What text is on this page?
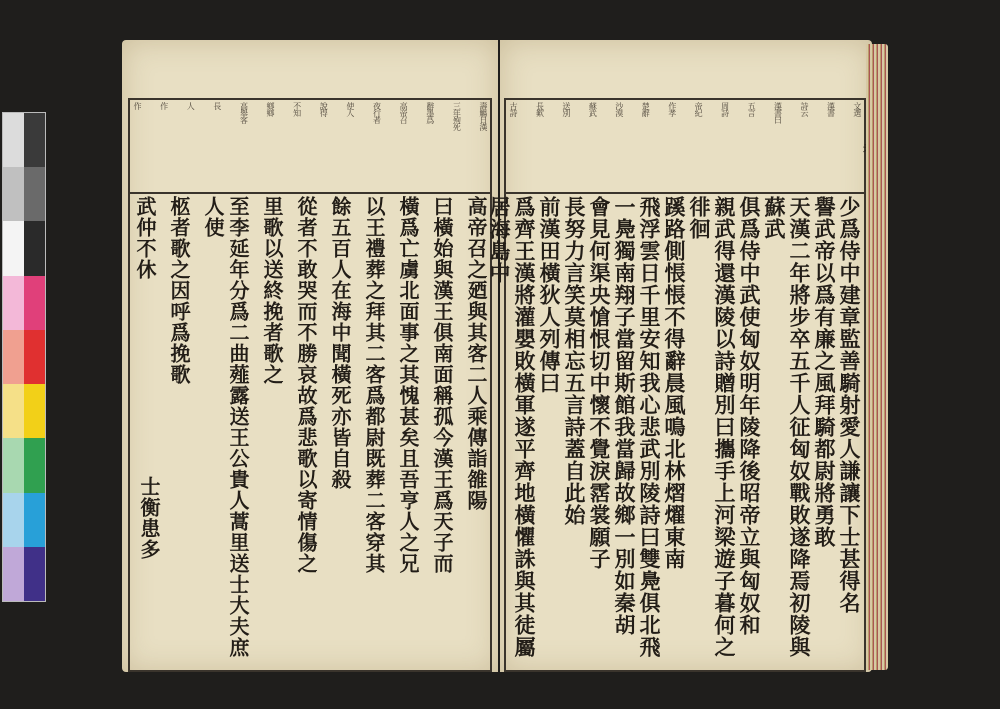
壽觴日漢
三年殉死
辭墨爲
高帝召
夜行者
使人
說得
不知
鄉鄉
高舉客
長
人
作
作
高帝召之廼與其客二人乘傳詣雒陽
曰橫始與漢王俱南面稱孤今漢王爲天子而
橫爲亡虜北面事之其愧甚矣且吾亨人之兄
以王禮葬之拜其二客爲都尉既葬二客穿其
餘五百人在海中聞橫死亦皆自殺
從者不敢哭而不勝哀故爲悲歌以寄情傷之
里歌以送終挽者歌之
至李延年分爲二曲薤露送王公貴人蒿里送士大夫庶人使
柩者歌之因呼爲挽歌
武仲不休
士衡患多
文選
漢書
詩云
漢書曰
五言
周詩
帝紀
作孝
楚辭
沙漠
蘇武
送別
長歎
古詩
少爲侍中建章監善騎射愛人謙讓下士甚得名
譽武帝以爲有廉之風拜騎都尉將勇敢
天漢二年將步卒五千人征匈奴戰敗遂降焉初陵與蘇武
俱爲侍中武使匈奴明年陵降後昭帝立與匈奴和
親武得還漢陵以詩贈別曰攜手上河梁遊子暮何之徘徊
蹊路側悵悵不得辭晨風鳴北林熠燿東南
飛浮雲日千里安知我心悲武別陵詩曰雙鳧俱北飛
一鳧獨南翔子當留斯館我當歸故鄉一別如秦胡
會見何渠央愴恨切中懷不覺淚霑裳願子
長努力言笑莫相忘五言詩蓋自此始
前漢田橫狄人列傳曰
爲齊王漢將灌嬰敗橫軍遂平齊地橫懼誅與其徒屬居海島中
